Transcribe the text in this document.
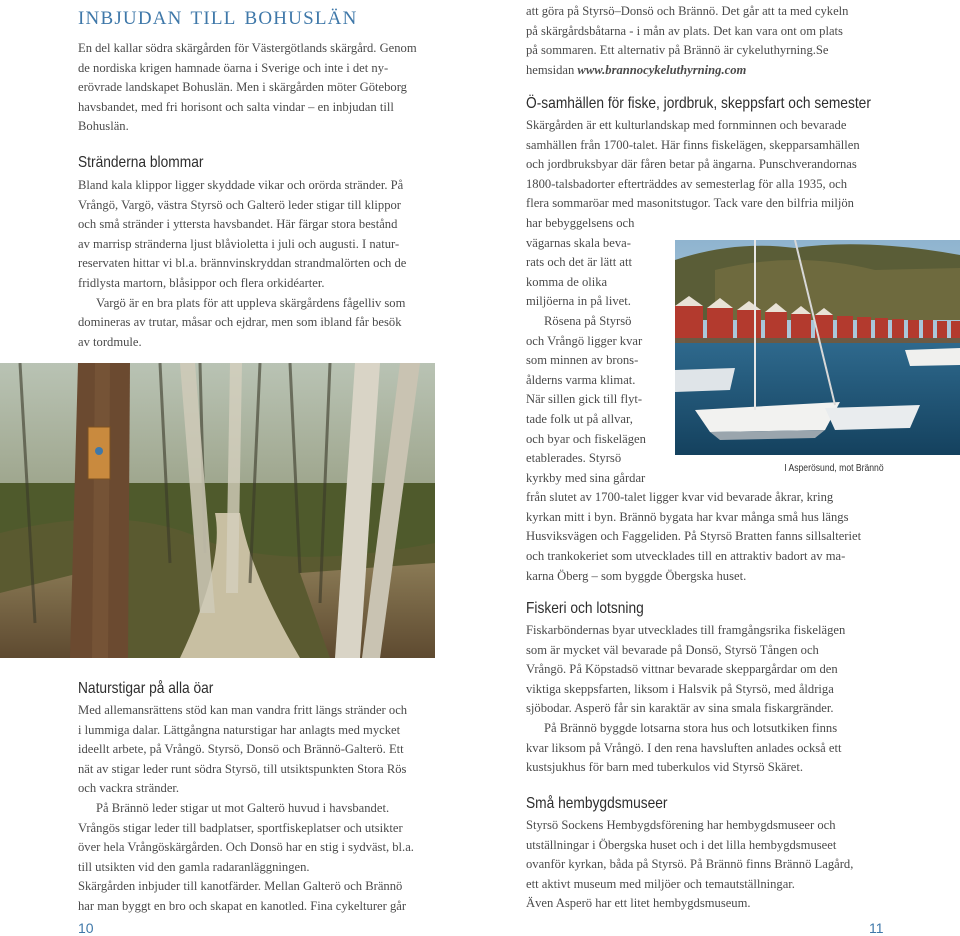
inbjudan till bohuslän
En del kallar södra skärgården för Västergötlands skärgård. Genom
de nordiska krigen hamnade öarna i Sverige och inte i det ny-
erövrade landskapet Bohuslän. Men i skärgården möter Göteborg
havsbandet, med fri horisont och salta vindar – en inbjudan till
Bohuslän.
Stränderna blommar
Bland kala klippor ligger skyddade vikar och orörda stränder. På
Vrångö, Vargö, västra Styrsö och Galterö leder stigar till klippor
och små stränder i yttersta havsbandet. Här färgar stora bestånd
av marrisp stränderna ljust blåvioletta i juli och augusti. I natur-
reservaten hittar vi bl.a. brännvinskryddan strandmalörten och de
fridlysta martorn, blåsippor och flera orkidéarter.
Vargö är en bra plats för att uppleva skärgårdens fågelliv som
domineras av trutar, måsar och ejdrar, men som ibland får besök
av tordmule.
Naturstigar på alla öar
Med allemansrättens stöd kan man vandra fritt längs stränder och
i lummiga dalar. Lättgångna naturstigar har anlagts med mycket
ideellt arbete, på Vrångö. Styrsö, Donsö och Brännö-Galterö. Ett
nät av stigar leder runt södra Styrsö, till utsiktspunkten Stora Rös
och vackra stränder.
På Brännö leder stigar ut mot Galterö huvud i havsbandet.
Vrångös stigar leder till badplatser, sportfiskeplatser och utsikter
över hela Vrångöskärgården. Och Donsö har en stig i sydväst, bl.a.
till utsikten vid den gamla radaranläggningen.
Skärgården inbjuder till kanotfärder. Mellan Galterö och Brännö
har man byggt en bro och skapat en kanotled. Fina cykelturer går
10
att göra på Styrsö–Donsö och Brännö. Det går att ta med cykeln
på skärgårdsbåtarna - i mån av plats. Det kan vara ont om plats
på sommaren. Ett alternativ på Brännö är cykeluthyrning.Se
hemsidan www.brannocykeluthyrning.com
Ö-samhällen för fiske, jordbruk, skeppsfart och semester
Skärgården är ett kulturlandskap med fornminnen och bevarade
samhällen från 1700-talet. Här finns fiskelägen, skepparsamhällen
och jordbruksbyar där fåren betar på ängarna. Punschverandornas
1800-talsbadorter efterträddes av semesterlag för alla 1935, och
flera sommaröar med masonitstugor. Tack vare den bilfria miljön
har bebyggelsens och
vägarnas skala beva-
rats och det är lätt att
komma de olika
miljöerna in på livet.
Rösena på Styrsö
och Vrångö ligger kvar
som minnen av brons-
ålderns varma klimat.
När sillen gick till flyt-
tade folk ut på allvar,
och byar och fiskelägen
etablerades. Styrsö
kyrkby med sina gårdar
från slutet av 1700-talet ligger kvar vid bevarade åkrar, kring
kyrkan mitt i byn. Brännö bygata har kvar många små hus längs
Husviksvägen och Faggeliden. På Styrsö Bratten fanns sillsalteriet
och trankokeriet som utvecklades till en attraktiv badort av ma-
karna Öberg – som byggde Öbergska huset.
I Asperösund, mot Brännö
Fiskeri och lotsning
Fiskarböndernas byar utvecklades till framgångsrika fiskelägen
som är mycket väl bevarade på Donsö, Styrsö Tången och
Vrångö. På Köpstadsö vittnar bevarade skeppargårdar om den
viktiga skeppsfarten, liksom i Halsvik på Styrsö, med åldriga
sjöbodar. Asperö får sin karaktär av sina smala fiskargränder.
På Brännö byggde lotsarna stora hus och lotsutkiken finns
kvar liksom på Vrångö. I den rena havsluften anlades också ett
kustsjukhus för barn med tuberkulos vid Styrsö Skäret.
Små hembygdsmuseer
Styrsö Sockens Hembygdsförening har hembygdsmuseer och
utställningar i Öbergska huset och i det lilla hembygdsmuseet
ovanför kyrkan, båda på Styrsö. På Brännö finns Brännö Lagård,
ett aktivt museum med miljöer och temautställningar.
Även Asperö har ett litet hembygdsmuseum.
11
